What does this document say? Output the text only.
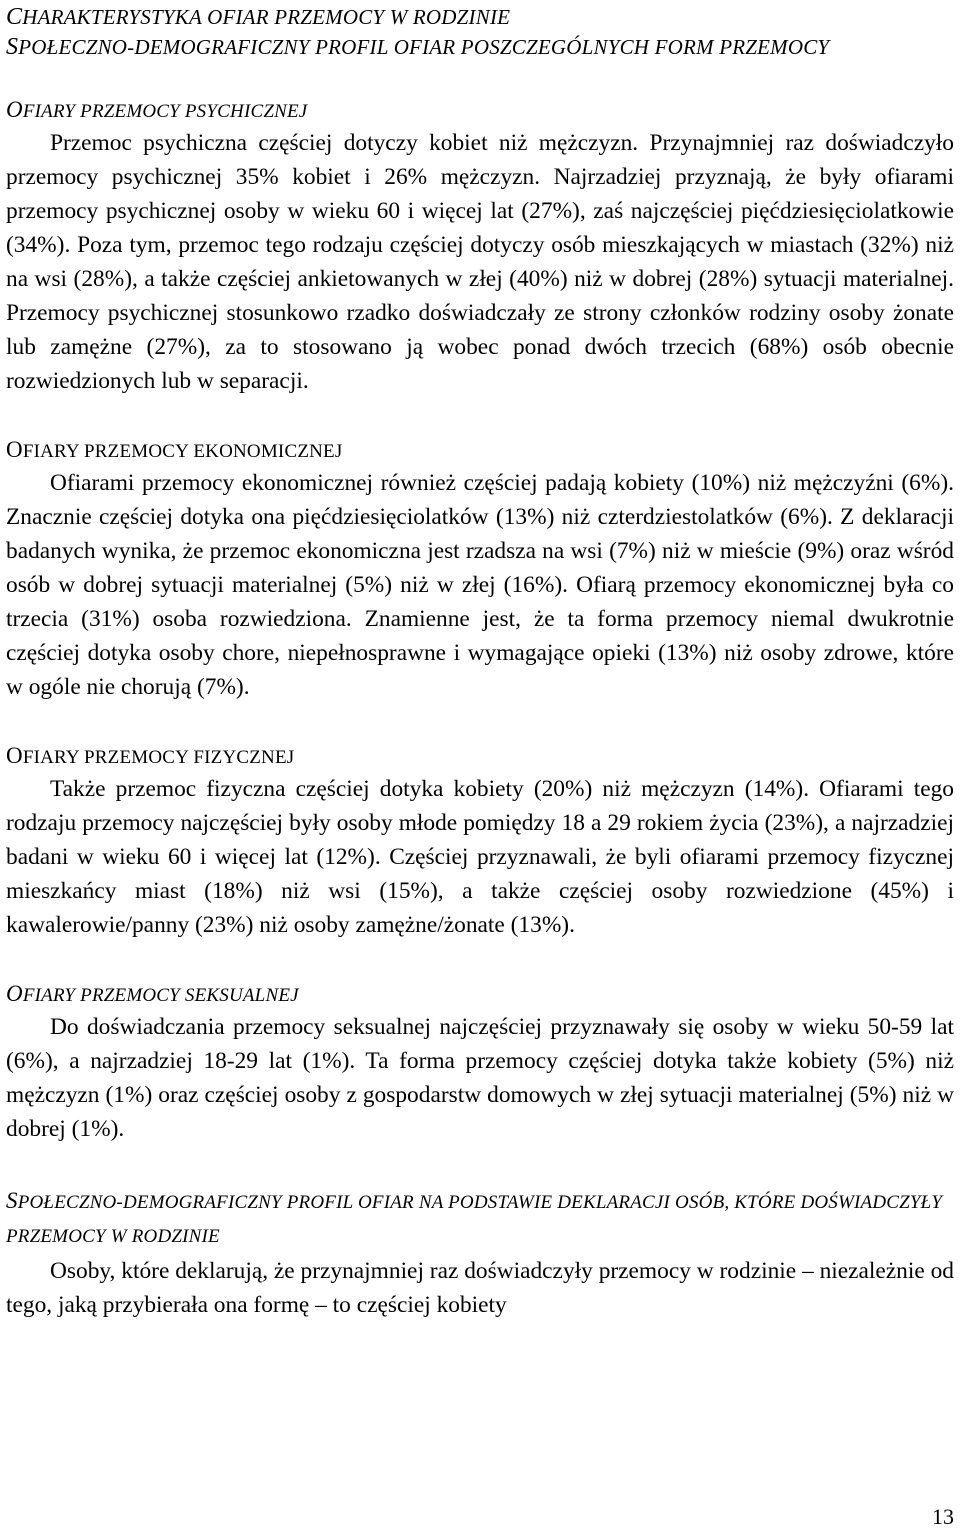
CHARAKTERYSTYKA OFIAR PRZEMOCY W RODZINIE
SPOŁECZNO-DEMOGRAFICZNY PROFIL OFIAR POSZCZEGÓLNYCH FORM PRZEMOCY
OFIARY PRZEMOCY PSYCHICZNEJ

Przemoc psychiczna częściej dotyczy kobiet niż mężczyzn. Przynajmniej raz doświadczyło przemocy psychicznej 35% kobiet i 26% mężczyzn. Najrzadziej przyznają, że były ofiarami przemocy psychicznej osoby w wieku 60 i więcej lat (27%), zaś najczęściej pięćdziesięciolatkowie (34%). Poza tym, przemoc tego rodzaju częściej dotyczy osób mieszkających w miastach (32%) niż na wsi (28%), a także częściej ankietowanych w złej (40%) niż w dobrej (28%) sytuacji materialnej. Przemocy psychicznej stosunkowo rzadko doświadczały ze strony członków rodziny osoby żonate lub zamężne (27%), za to stosowano ją wobec ponad dwóch trzecich (68%) osób obecnie rozwiedzionych lub w separacji.

OFIARY PRZEMOCY EKONOMICZNEJ

Ofiarami przemocy ekonomicznej również częściej padają kobiety (10%) niż mężczyźni (6%). Znacznie częściej dotyka ona pięćdziesięciolatków (13%) niż czterdziestolatków (6%). Z deklaracji badanych wynika, że przemoc ekonomiczna jest rzadsza na wsi (7%) niż w mieście (9%) oraz wśród osób w dobrej sytuacji materialnej (5%) niż w złej (16%). Ofiarą przemocy ekonomicznej była co trzecia (31%) osoba rozwiedziona. Znamienne jest, że ta forma przemocy niemal dwukrotnie częściej dotyka osoby chore, niepełnosprawne i wymagające opieki (13%) niż osoby zdrowe, które w ogóle nie chorują (7%).

OFIARY PRZEMOCY FIZYCZNEJ

Także przemoc fizyczna częściej dotyka kobiety (20%) niż mężczyzn (14%). Ofiarami tego rodzaju przemocy najczęściej były osoby młode pomiędzy 18 a 29 rokiem życia (23%), a najrzadziej badani w wieku 60 i więcej lat (12%). Częściej przyznawali, że byli ofiarami przemocy fizycznej mieszkańcy miast (18%) niż wsi (15%), a także częściej osoby rozwiedzione (45%) i kawalerowie/panny (23%) niż osoby zamężne/żonate (13%).

OFIARY PRZEMOCY SEKSUALNEJ

Do doświadczania przemocy seksualnej najczęściej przyznawały się osoby w wieku 50-59 lat (6%), a najrzadziej 18-29 lat (1%). Ta forma przemocy częściej dotyka także kobiety (5%) niż mężczyzn (1%) oraz częściej osoby z gospodarstw domowych w złej sytuacji materialnej (5%) niż w dobrej (1%).

SPOŁECZNO-DEMOGRAFICZNY PROFIL OFIAR NA PODSTAWIE DEKLARACJI OSÓB, KTÓRE DOŚWIADCZYŁY PRZEMOCY W RODZINIE

Osoby, które deklarują, że przynajmniej raz doświadczyły przemocy w rodzinie – niezależnie od tego, jaką przybierała ona formę – to częściej kobiety

13
